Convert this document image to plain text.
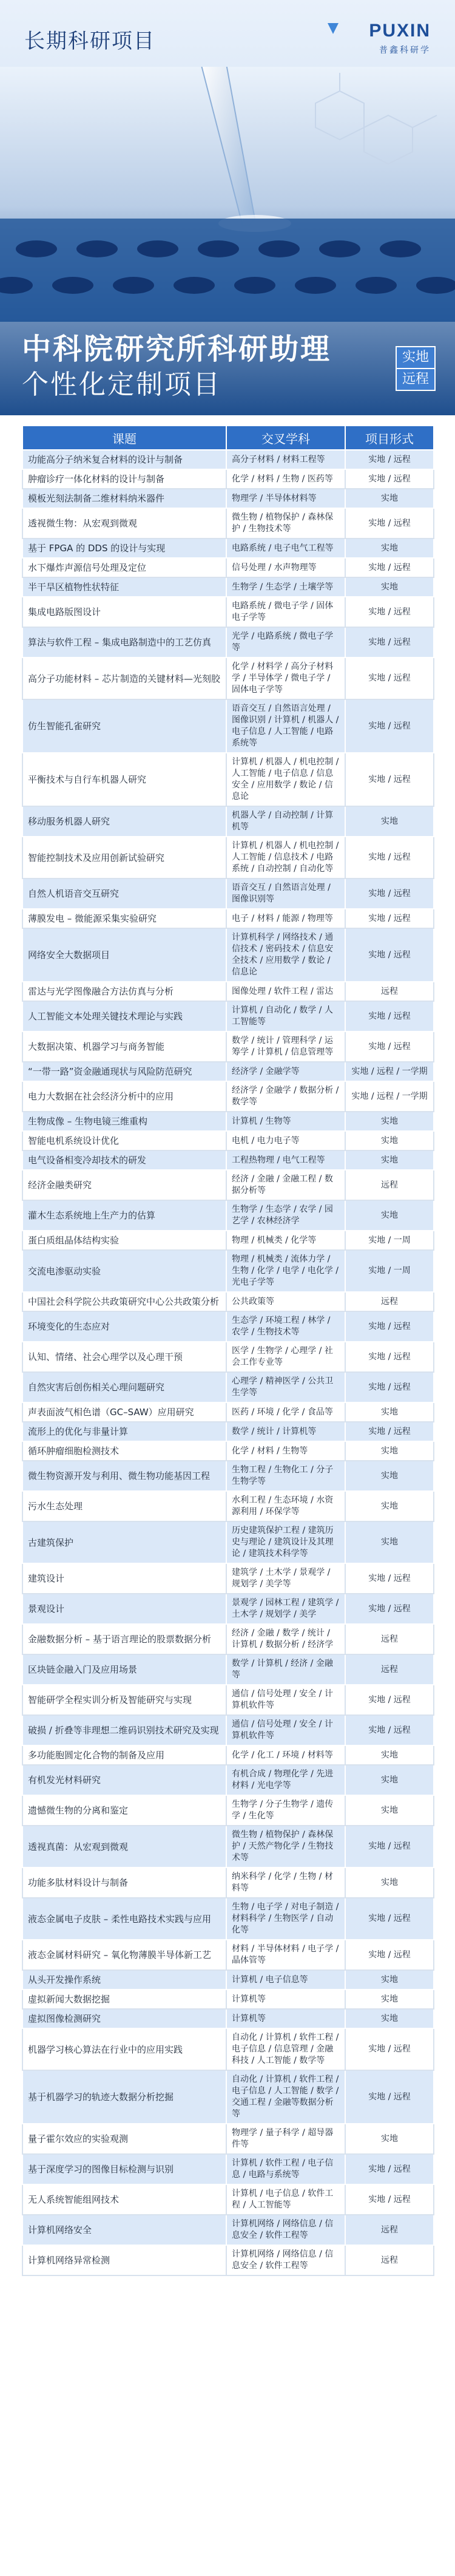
长期科研项目	PUXIN
普鑫科研学
中科院研究所科研助理
个性化定制项目
实地
远程
课题	交叉学科	项目形式
功能高分子纳米复合材料的设计与制备	高分子材料 / 材料工程等	实地 / 远程
肿瘤诊疗一体化材料的设计与制备	化学 / 材料 / 生物 / 医药等	实地 / 远程
模板光刻法制备二维材料纳米器件	物理学 / 半导体材料等	实地
透视微生物：从宏观到微观	微生物 / 植物保护 / 森林保护 / 生物技术等	实地 / 远程
基于 FPGA 的 DDS 的设计与实现	电路系统 / 电子电气工程等	实地
水下爆炸声源信号处理及定位	信号处理 / 水声物理等	实地 / 远程
半干旱区植物性状特征	生物学 / 生态学 / 土壤学等	实地
集成电路版图设计	电路系统 / 微电子学 / 固体电子学等	实地 / 远程
算法与软件工程 – 集成电路制造中的工艺仿真	光学 / 电路系统 / 微电子学等	实地 / 远程
高分子功能材料 – 芯片制造的关键材料—光刻胶	化学 / 材料学 / 高分子材料学 / 半导体学 / 微电子学 / 固体电子学等	实地 / 远程
仿生智能孔雀研究	语音交互 / 自然语言处理 / 图像识别 / 计算机 / 机器人 / 电子信息 / 人工智能 / 电路系统等	实地 / 远程
平衡技术与自行车机器人研究	计算机 / 机器人 / 机电控制 / 人工智能 / 电子信息 / 信息安全 / 应用数学 / 数论 / 信息论	实地 / 远程
移动服务机器人研究	机器人学 / 自动控制 / 计算机等	实地
智能控制技术及应用创新试验研究	计算机 / 机器人 / 机电控制 / 人工智能 / 信息技术 / 电路系统 / 自动控制 / 自动化等	实地 / 远程
自然人机语音交互研究	语音交互 / 自然语言处理 / 图像识别等	实地 / 远程
薄膜发电 – 微能源采集实验研究	电子 / 材料 / 能源 / 物理等	实地 / 远程
网络安全大数据项目	计算机科学 / 网络技术 / 通信技术 / 密码技术 / 信息安全技术 / 应用数学 / 数论 / 信息论	实地 / 远程
雷达与光学图像融合方法仿真与分析	图像处理 / 软件工程 / 雷达	远程
人工智能文本处理关键技术理论与实践	计算机 / 自动化 / 数学 / 人工智能等	实地 / 远程
大数据决策、机器学习与商务智能	数学 / 统计 / 管理科学 / 运筹学 / 计算机 / 信息管理等	实地 / 远程
“一带一路”资金融通现状与风险防范研究	经济学 / 金融学等	实地 / 远程 / 一学期
电力大数据在社会经济分析中的应用	经济学 / 金融学 / 数据分析 / 数学等	实地 / 远程 / 一学期
生物成像 – 生物电镜三维重构	计算机 / 生物等	实地
智能电机系统设计优化	电机 / 电力电子等	实地
电气设备相变冷却技术的研发	工程热物理 / 电气工程等	实地
经济金融类研究	经济 / 金融 / 金融工程 / 数据分析等	远程
灌木生态系统地上生产力的估算	生物学 / 生态学 / 农学 / 园艺学 / 农林经济学	实地
蛋白质组晶体结构实验	物理 / 机械类 / 化学等	实地 / 一周
交流电渗驱动实验	物理 / 机械类 / 流体力学 / 生物 / 化学 / 电学 / 电化学 / 光电子学等	实地 / 一周
中国社会科学院公共政策研究中心公共政策分析	公共政策等	远程
环境变化的生态应对	生态学 / 环境工程 / 林学 / 农学 / 生物技术等	实地 / 远程
认知、情绪、社会心理学以及心理干预	医学 / 生物学 / 心理学 / 社会工作专业等	实地 / 远程
自然灾害后创伤相关心理问题研究	心理学 / 精神医学 / 公共卫生学等	实地 / 远程
声表面波气相色谱（GC–SAW）应用研究	医药 / 环境 / 化学 / 食品等	实地
流形上的优化与非量计算	数学 / 统计 / 计算机等	实地 / 远程
循环肿瘤细胞检测技术	化学 / 材料 / 生物等	实地
微生物资源开发与利用、微生物功能基因工程	生物工程 / 生物化工 / 分子生物学等	实地
污水生态处理	水利工程 / 生态环境 / 水资源利用 / 环保学等	实地
古建筑保护	历史建筑保护工程 / 建筑历史与理论 / 建筑设计及其理论 / 建筑技术科学等	实地
建筑设计	建筑学 / 土木学 / 景观学 / 规划学 / 美学等	实地 / 远程
景观设计	景观学 / 园林工程 / 建筑学 / 土木学 / 规划学 / 美学	实地 / 远程
金融数据分析 – 基于语言理论的股票数据分析	经济 / 金融 / 数学 / 统计 / 计算机 / 数据分析 / 经济学	远程
区块链金融入门及应用场景	数学 / 计算机 / 经济 / 金融等	远程
智能研学全程实训分析及智能研究与实现	通信 / 信号处理 / 安全 / 计算机软件等	实地 / 远程
破损 / 折叠等非理想二维码识别技术研究及实现	通信 / 信号处理 / 安全 / 计算机软件等	实地 / 远程
多功能胞圆定化合物的制备及应用	化学 / 化工 / 环境 / 材料等	实地
有机发光材料研究	有机合成 / 物理化学 / 先进材料 / 光电学等	实地
遗憾微生物的分离和鉴定	生物学 / 分子生物学 / 遗传学 / 生化等	实地
透视真菌：从宏观到微观	微生物 / 植物保护 / 森林保护 / 天然产物化学 / 生物技术等	实地 / 远程
功能多肽材料设计与制备	纳米科学 / 化学 / 生物 / 材料等	实地
液态金属电子皮肤 – 柔性电路技术实践与应用	生物 / 电子学 / 对电子制造 / 材料科学 / 生物医学 / 自动化等	实地 / 远程
液态金属材料研究 – 氧化物薄膜半导体新工艺	材料 / 半导体材料 / 电子学 / 晶体管等	实地 / 远程
从头开发操作系统	计算机 / 电子信息等	实地
虚拟新闻大数据挖掘	计算机等	实地
虚拟图像检测研究	计算机等	实地
机器学习核心算法在行业中的应用实践	自动化 / 计算机 / 软件工程 / 电子信息 / 信息管理 / 金融科技 / 人工智能 / 数学等	实地 / 远程
基于机器学习的轨迹大数据分析挖掘	自动化 / 计算机 / 软件工程 / 电子信息 / 人工智能 / 数学 / 交通工程 / 金融等数据分析等	实地 / 远程
量子霍尔效应的实验观测	物理学 / 量子科学 / 超导器件等	实地
基于深度学习的图像目标检测与识别	计算机 / 软件工程 / 电子信息 / 电路与系统等	实地 / 远程
无人系统智能组网技术	计算机 / 电子信息 / 软件工程 / 人工智能等	实地 / 远程
计算机网络安全	计算机网络 / 网络信息 / 信息安全 / 软件工程等	远程
计算机网络异常检测	计算机网络 / 网络信息 / 信息安全 / 软件工程等	远程
